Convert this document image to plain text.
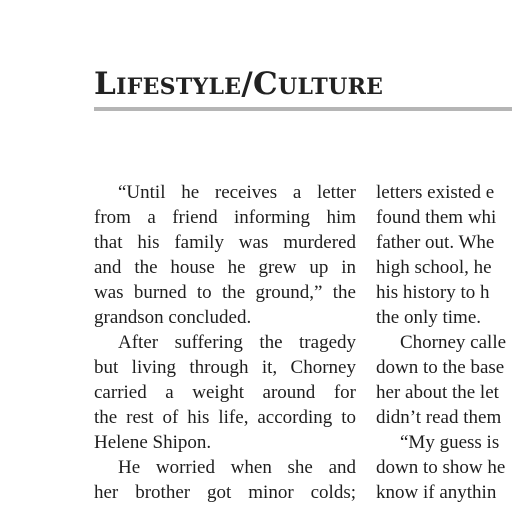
Lifestyle/Culture
“Until he receives a letter
from a friend informing him
that his family was murdered
and the house he grew up in
was burned to the ground,” the
grandson concluded.
After suffering the tragedy
but living through it, Chorney
carried a weight around for
the rest of his life, according to
Helene Shipon.
He worried when she and
her brother got minor colds;
letters existed e
found them whi
father out. Whe
high school, he
his history to h
the only time.
Chorney calle
down to the base
her about the let
didn’t read them
“My guess is
down to show he
know if anythin
